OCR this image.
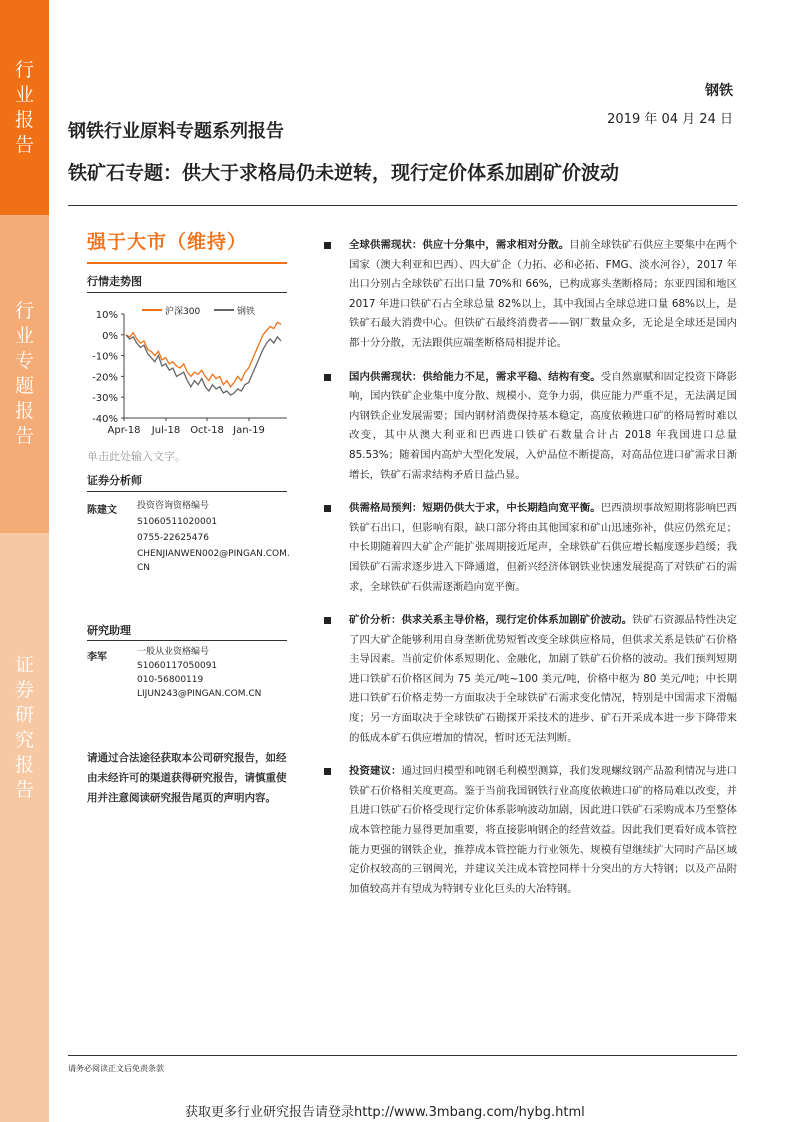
行
业
报
告
行
业
专
题
报
告
证
券
研
究
报
告
钢铁
2019 年 04 月 24 日
钢铁行业原料专题系列报告
铁矿石专题：供大于求格局仍未逆转，现行定价体系加剧矿价波动
强于大市（维持）
行情走势图
10%
0%
-10%
-20%
-30%
-40%
Apr-18 Jul-18 Oct-18 Jan-19
沪深300	钢铁
单击此处输入文字。
证券分析师
陈建文 投资咨询资格编号
S1060511020001
0755-22625476
CHENJIANWEN002@PINGAN.COM.
CN
研究助理
李军	一般从业资格编号
S1060117050091
010-56800119
LIJUN243@PINGAN.COM.CN
请通过合法途径获取本公司研究报告，如经由未经许可的渠道获得研究报告，请慎重使用并注意阅读研究报告尾页的声明内容。
全球供需现状：供应十分集中，需求相对分散。目前全球铁矿石供应主要集中在两个国家（澳大利亚和巴西）、四大矿企（力拓、必和必拓、FMG、淡水河谷），2017 年出口分别占全球铁矿石出口量 70%和 66%，已构成寡头垄断格局；东亚四国和地区 2017 年进口铁矿石占全球总量 82%以上，其中我国占全球总进口量 68%以上，是铁矿石最大消费中心。但铁矿石最终消费者——钢厂数量众多，无论是全球还是国内都十分分散，无法跟供应端垄断格局相提并论。
国内供需现状：供给能力不足，需求平稳、结构有变。受自然禀赋和固定投资下降影响，国内铁矿企业集中度分散、规模小、竞争力弱，供应能力严重不足，无法满足国内钢铁企业发展需要；国内钢材消费保持基本稳定，高度依赖进口矿的格局暂时难以改变，其中从澳大利亚和巴西进口铁矿石数量合计占 2018 年我国进口总量 85.53%；随着国内高炉大型化发展，入炉品位不断提高，对高品位进口矿需求日渐增长，铁矿石需求结构矛盾日益凸显。
供需格局预判：短期仍供大于求，中长期趋向宽平衡。巴西溃坝事故短期将影响巴西铁矿石出口，但影响有限，缺口部分将由其他国家和矿山迅速弥补，供应仍然充足；中长期随着四大矿企产能扩张周期接近尾声，全球铁矿石供应增长幅度逐步趋缓；我国铁矿石需求逐步进入下降通道，但新兴经济体钢铁业快速发展提高了对铁矿石的需求，全球铁矿石供需逐渐趋向宽平衡。
矿价分析：供求关系主导价格，现行定价体系加剧矿价波动。铁矿石资源品特性决定了四大矿企能够利用自身垄断优势短暂改变全球供应格局，但供求关系是铁矿石价格主导因素。当前定价体系短期化、金融化，加剧了铁矿石价格的波动。我们预判短期进口铁矿石价格区间为 75 美元/吨~100 美元/吨，价格中枢为 80 美元/吨；中长期进口铁矿石价格走势一方面取决于全球铁矿石需求变化情况，特别是中国需求下滑幅度；另一方面取决于全球铁矿石勘探开采技术的进步、矿石开采成本进一步下降带来的低成本矿石供应增加的情况，暂时还无法判断。
投资建议：通过回归模型和吨钢毛利模型测算，我们发现螺纹钢产品盈利情况与进口铁矿石价格相关度更高。鉴于当前我国钢铁行业高度依赖进口矿的格局难以改变，并且进口铁矿石价格受现行定价体系影响波动加剧，因此进口铁矿石采购成本乃至整体成本管控能力显得更加重要，将直接影响钢企的经营效益。因此我们更看好成本管控能力更强的钢铁企业，推荐成本管控能力行业领先、规模有望继续扩大同时产品区域定价权较高的三钢闽光，并建议关注成本管控同样十分突出的方大特钢；以及产品附加值较高并有望成为特钢专业化巨头的大冶特钢。
请务必阅读正文后免责条款
获取更多行业研究报告请登录http://www.3mbang.com/hybg.html
